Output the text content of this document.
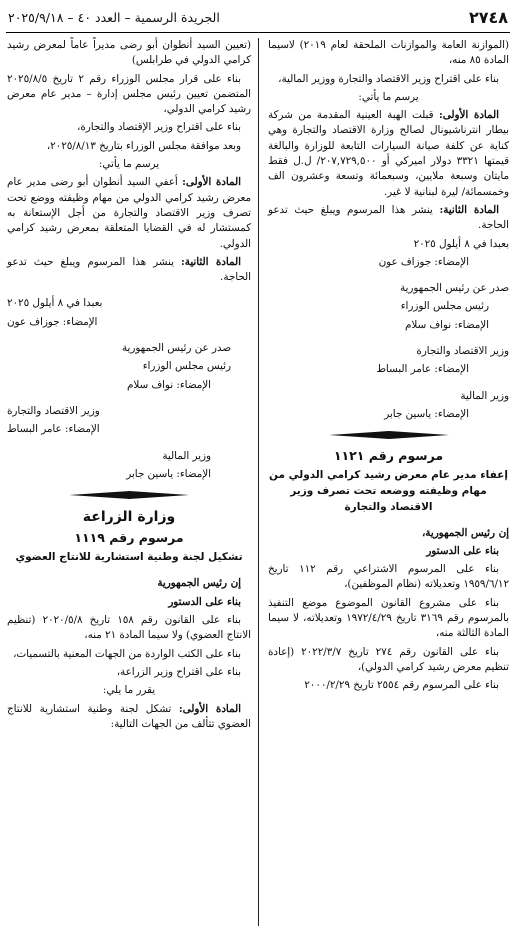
٢٧٤٨
الجريدة الرسمية – العدد ٤٠ – ٢٠٢٥/٩/١٨

(الموازنة العامة والموازنات الملحقة لعام ٢٠١٩) لاسيما المادة ٨٥ منه،

بناء على اقتراح وزير الاقتصاد والتجارة ووزير المالية،

يرسم ما يأتي:

المادة الأولى: قبلت الهبة العينية المقدمة من شركة بيطار انترناشيونال لصالح وزارة الاقتصاد والتجارة وهي كناية عن كلفة صيانة السيارات التابعة للوزارة والبالغة قيمتها ٣٣٢١ دولار اميركي أو ٢٠٧,٧٢٩,٥٠٠/ ل.ل فقط مايتان وسبعة ملايين، وسبعمائة وتسعة وعشرون الف وخمسمائة/ ليرة لبنانية لا غير.

المادة الثانية: ينشر هذا المرسوم ويبلغ حيث تدعو الحاجة.

بعبدا في ٨ أيلول ٢٠٢٥

الإمضاء: جوزاف عون

صدر عن رئيس الجمهورية

رئيس مجلس الوزراء

الإمضاء: نواف سلام

وزير الاقتصاد والتجارة

الإمضاء: عامر البساط

وزير المالية

الإمضاء: ياسين جابر

مرسوم رقم ١١٢١

إعفاء مدير عام معرض رشيد كرامي الدولي من مهام وظيفته ووضعه تحت تصرف وزير الاقتصاد والتجارة

إن رئيس الجمهورية،

بناء على الدستور

بناء على المرسوم الاشتراعي رقم ١١٢ تاريخ ١٩٥٩/٦/١٢ وتعديلاته (نظام الموظفين)،

بناء على مشروع القانون الموضوع موضع التنفيذ بالمرسوم رقم ٣١٦٩ تاريخ ١٩٧٢/٤/٢٩ وتعديلاته، لا سيما المادة الثالثة منه،

بناء على القانون رقم ٢٧٤ تاريخ ٢٠٢٢/٣/٧ (إعادة تنظيم معرض رشيد كرامي الدولي)،

بناء على المرسوم رقم ٢٥٥٤ تاريخ ٢٠٠٠/٢/٢٩

(تعيين السيد أنطوان أبو رضى مديراً عاماً لمعرض رشيد كرامي الدولي في طرابلس)

بناء على قرار مجلس الوزراء رقم ٢ تاريخ ٢٠٢٥/٨/٥ المتضمن تعيين رئيس مجلس إدارة – مدير عام معرض رشيد كرامي الدولي،

بناء على اقتراح وزير الإقتصاد والتجارة،

وبعد موافقة مجلس الوزراء بتاريخ ٢٠٢٥/٨/١٣،

يرسم ما يأتي:

المادة الأولى: أعفي السيد أنطوان أبو رضى مدير عام معرض رشيد كرامي الدولي من مهام وظيفته ووضع تحت تصرف وزير الاقتصاد والتجارة من أجل الإستعانة به كمستشار له في القضايا المتعلقة بمعرض رشيد كرامي الدولي.

المادة الثانية: ينشر هذا المرسوم ويبلغ حيث تدعو الحاجة.

بعبدا في ٨ أيلول ٢٠٢٥

الإمضاء: جوزاف عون

صدر عن رئيس الجمهورية

رئيس مجلس الوزراء

الإمضاء: نواف سلام

وزير الاقتصاد والتجارة

الإمضاء: عامر البساط

وزير المالية

الإمضاء: ياسين جابر

وزارة الزراعة

مرسوم رقم ١١١٩

تشكيل لجنة وطنية استشارية للانتاج العضوي

إن رئيس الجمهورية

بناء على الدستور

بناء على القانون رقم ١٥٨ تاريخ ٢٠٢٠/٥/٨ (تنظيم الانتاج العضوي) ولا سيما المادة ٢١ منه،

بناء على الكتب الواردة من الجهات المعنية بالتسميات،

بناء على اقتراح وزير الزراعة،

يقرر ما يلي:

المادة الأولى: تشكل لجنة وطنية استشارية للانتاج العضوي تتألف من الجهات التالية:
